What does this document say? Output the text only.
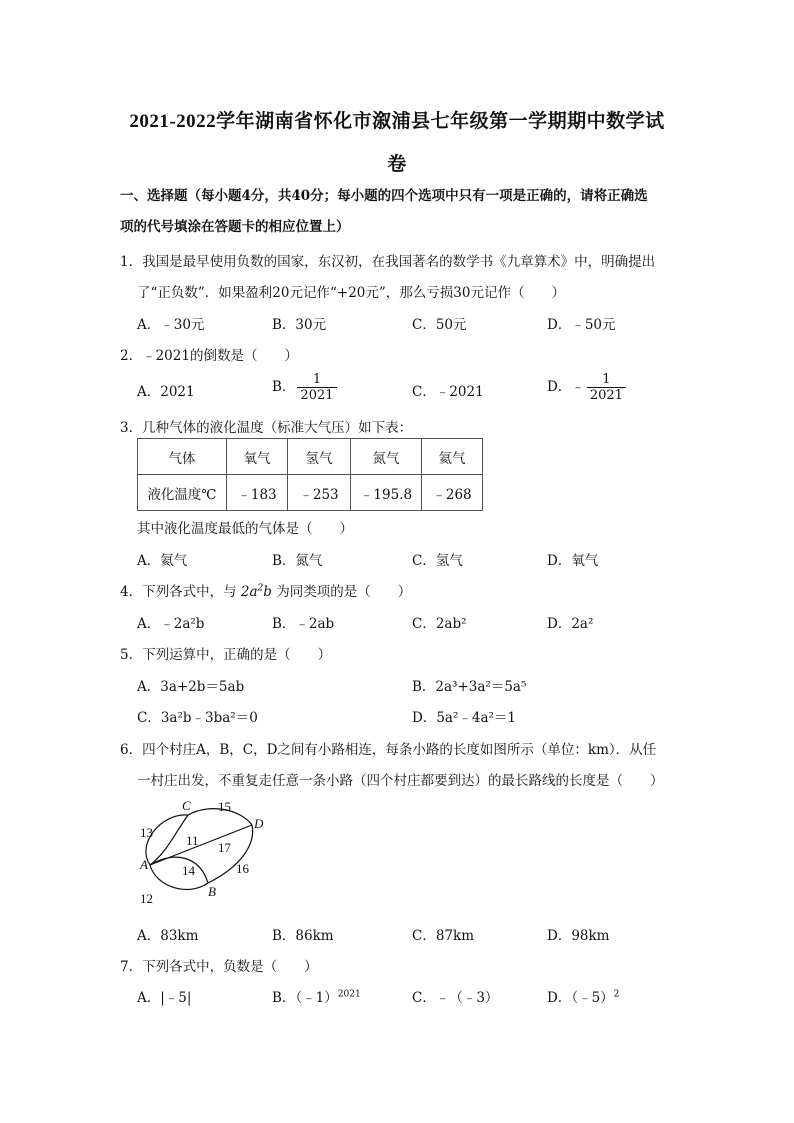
2021-2022学年湖南省怀化市溆浦县七年级第一学期期中数学试
卷
一、选择题（每小题4分，共40分；每小题的四个选项中只有一项是正确的，请将正确选
项的代号填涂在答题卡的相应位置上）
1．我国是最早使用负数的国家，东汉初，在我国著名的数学书《九章算术》中，明确提出
了“正负数”．如果盈利20元记作“+20元”，那么亏损30元记作（　　）
A．﹣30元	B．30元	C．50元	D．﹣50元
2．﹣2021的倒数是（　　）
A．2021	B． $\frac{1}{2021}$	C．﹣2021	D．﹣ $\frac{1}{2021}$
3．几种气体的液化温度（标准大气压）如下表：
气体	氧气	氢气	氮气	氦气
液化温度℃	﹣183	﹣253	﹣195.8	﹣268
其中液化温度最低的气体是（　　）
A．氦气	B．氮气	C．氢气	D．氧气
4．下列各式中，与 $2a^2b$ 为同类项的是（　　）
A．﹣2a²b	B．﹣2ab	C．2ab²	D．2a²
5．下列运算中，正确的是（　　）
A．3a+2b＝5ab	B．2a³+3a²＝5a⁵
C．3a²b﹣3ba²＝0	D．5a²﹣4a²＝1
6．四个村庄A，B，C，D之间有小路相连，每条小路的长度如图所示（单位：km）．从任
一村庄出发，不重复走任意一条小路（四个村庄都要到达）的最长路线的长度是（　　）
C
D
A
B
13
15
11 17
14	16
12
A．83km	B．86km	C．87km	D．98km
7．下列各式中，负数是（　　）
A．|﹣5|	B．（﹣1）$^{2021}$	C．﹣（﹣3）	D．（﹣5）$^2$
